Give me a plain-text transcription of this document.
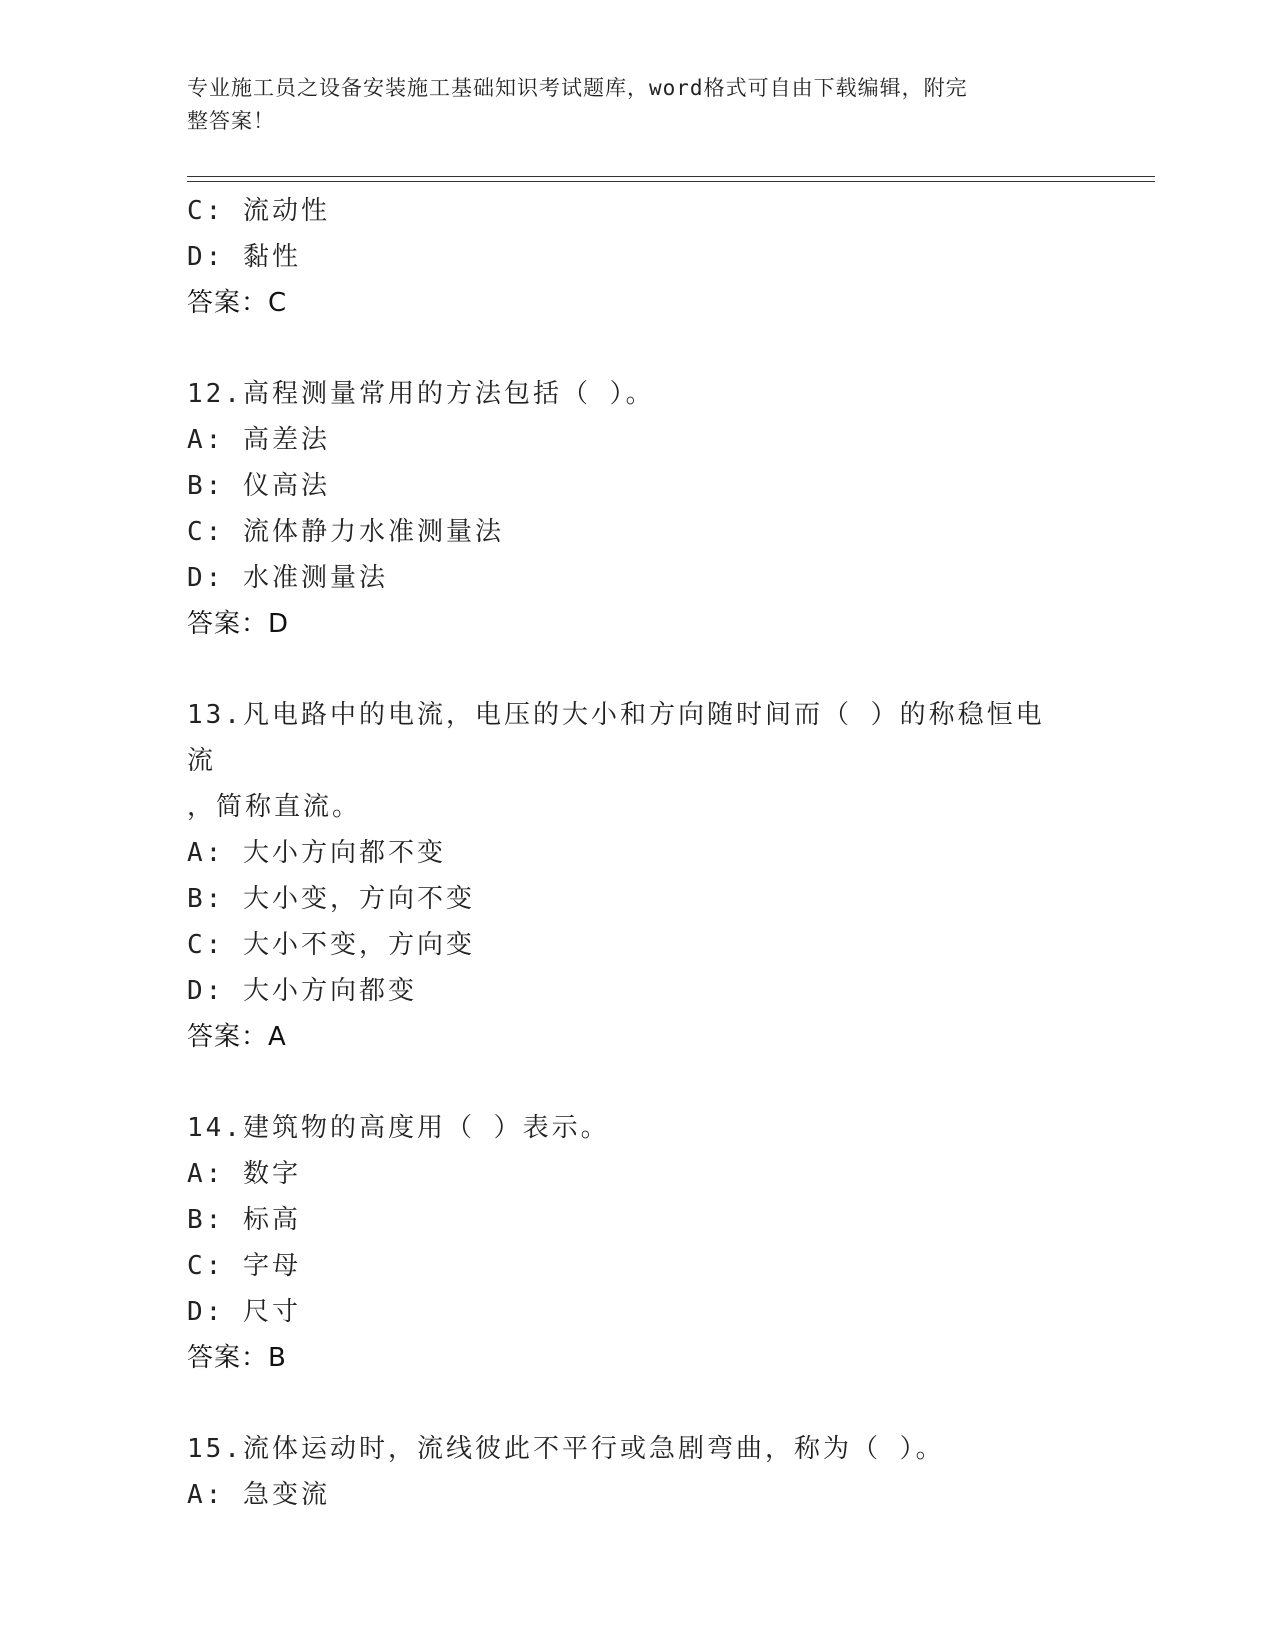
专业施工员之设备安装施工基础知识考试题库，word格式可自由下载编辑，附完
整答案！
C: 流动性
D: 黏性
答案：C
12.高程测量常用的方法包括（ ）。
A: 高差法
B: 仪高法
C: 流体静力水准测量法
D: 水准测量法
答案：D
13.凡电路中的电流，电压的大小和方向随时间而（ ）的称稳恒电流
，简称直流。
A: 大小方向都不变
B: 大小变，方向不变
C: 大小不变，方向变
D: 大小方向都变
答案：A
14.建筑物的高度用（ ）表示。
A: 数字
B: 标高
C: 字母
D: 尺寸
答案：B
15.流体运动时，流线彼此不平行或急剧弯曲，称为（ ）。
A: 急变流
